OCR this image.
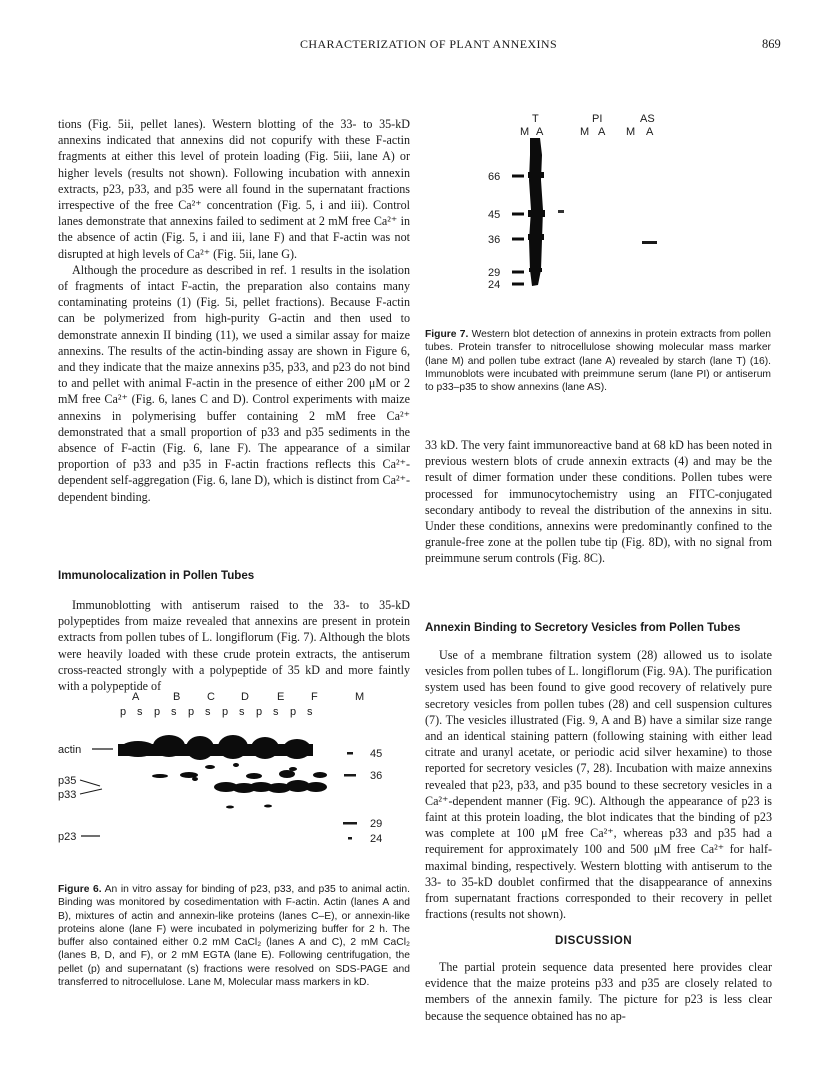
CHARACTERIZATION OF PLANT ANNEXINS	869

tions (Fig. 5ii, pellet lanes). Western blotting of the 33- to 35-kD annexins indicated that annexins did not copurify with these F-actin fragments at either this level of protein loading (Fig. 5iii, lane A) or higher levels (results not shown). Following incubation with annexin extracts, p23, p33, and p35 were all found in the supernatant fractions irrespective of the free Ca²⁺ concentration (Fig. 5, i and iii). Control lanes demonstrate that annexins failed to sediment at 2 mM free Ca²⁺ in the absence of actin (Fig. 5, i and iii, lane F) and that F-actin was not disrupted at high levels of Ca²⁺ (Fig. 5ii, lane G).

Although the procedure as described in ref. 1 results in the isolation of fragments of intact F-actin, the preparation also contains many contaminating proteins (1) (Fig. 5i, pellet fractions). Because F-actin can be polymerized from high-purity G-actin and then used to demonstrate annexin II binding (11), we used a similar assay for maize annexins. The results of the actin-binding assay are shown in Figure 6, and they indicate that the maize annexins p35, p33, and p23 do not bind to and pellet with animal F-actin in the presence of either 200 μM or 2 mM free Ca²⁺ (Fig. 6, lanes C and D). Control experiments with maize annexins in polymerising buffer containing 2 mM free Ca²⁺ demonstrated that a small proportion of p33 and p35 sediments in the absence of F-actin (Fig. 6, lane F). The appearance of a similar proportion of p33 and p35 in F-actin fractions reflects this Ca²⁺-dependent self-aggregation (Fig. 6, lane D), which is distinct from Ca²⁺-dependent binding.

Immunolocalization in Pollen Tubes

Immunoblotting with antiserum raised to the 33- to 35-kD polypeptides from maize revealed that annexins are present in protein extracts from pollen tubes of L. longiflorum (Fig. 7). Although the blots were heavily loaded with these crude protein extracts, the antiserum cross-reacted strongly with a polypeptide of 35 kD and more faintly with a polypeptide of

A	B C D	E F	M
p s p s p s p s p s p s
actin
p35
p33
p23
45
36
29
24
Figure 6. An in vitro assay for binding of p23, p33, and p35 to animal actin. Binding was monitored by cosedimentation with F-actin. Actin (lanes A and B), mixtures of actin and annexin-like proteins (lanes C–E), or annexin-like proteins alone (lane F) were incubated in polymerizing buffer for 2 h. The buffer also contained either 0.2 mM CaCl₂ (lanes A and C), 2 mM CaCl₂ (lanes B, D, and F), or 2 mM EGTA (lane E). Following centrifugation, the pellet (p) and supernatant (s) fractions were resolved on SDS-PAGE and transferred to nitrocellulose. Lane M, Molecular mass markers in kD.
T	PI	AS
M A	M A M A
66
45
36
29
24
Figure 7. Western blot detection of annexins in protein extracts from pollen tubes. Protein transfer to nitrocellulose showing molecular mass marker (lane M) and pollen tube extract (lane A) revealed by starch (lane T) (16). Immunoblots were incubated with preimmune serum (lane PI) or antiserum to p33–p35 to show annexins (lane AS).

33 kD. The very faint immunoreactive band at 68 kD has been noted in previous western blots of crude annexin extracts (4) and may be the result of dimer formation under these conditions. Pollen tubes were processed for immunocytochemistry using an FITC-conjugated secondary antibody to reveal the distribution of the annexins in situ. Under these conditions, annexins were predominantly confined to the granule-free zone at the pollen tube tip (Fig. 8D), with no signal from preimmune serum controls (Fig. 8C).

Annexin Binding to Secretory Vesicles from Pollen Tubes

Use of a membrane filtration system (28) allowed us to isolate vesicles from pollen tubes of L. longiflorum (Fig. 9A). The purification system used has been found to give good recovery of relatively pure secretory vesicles from pollen tubes (28) and cell suspension cultures (7). The vesicles illustrated (Fig. 9, A and B) have a similar size range and an identical staining pattern (following staining with either lead citrate and uranyl acetate, or periodic acid silver hexamine) to those reported for secretory vesicles (7, 28). Incubation with maize annexins revealed that p23, p33, and p35 bound to these secretory vesicles in a Ca²⁺-dependent manner (Fig. 9C). Although the appearance of p23 is faint at this protein loading, the blot indicates that the binding of p23 was complete at 100 μM free Ca²⁺, whereas p33 and p35 had a requirement for approximately 100 and 500 μM free Ca²⁺ for half-maximal binding, respectively. Western blotting with antiserum to the 33- to 35-kD doublet confirmed that the disappearance of annexins from supernatant fractions corresponded to their recovery in pellet fractions (results not shown).

DISCUSSION

The partial protein sequence data presented here provides clear evidence that the maize proteins p33 and p35 are closely related to members of the annexin family. The picture for p23 is less clear because the sequence obtained has no ap-
